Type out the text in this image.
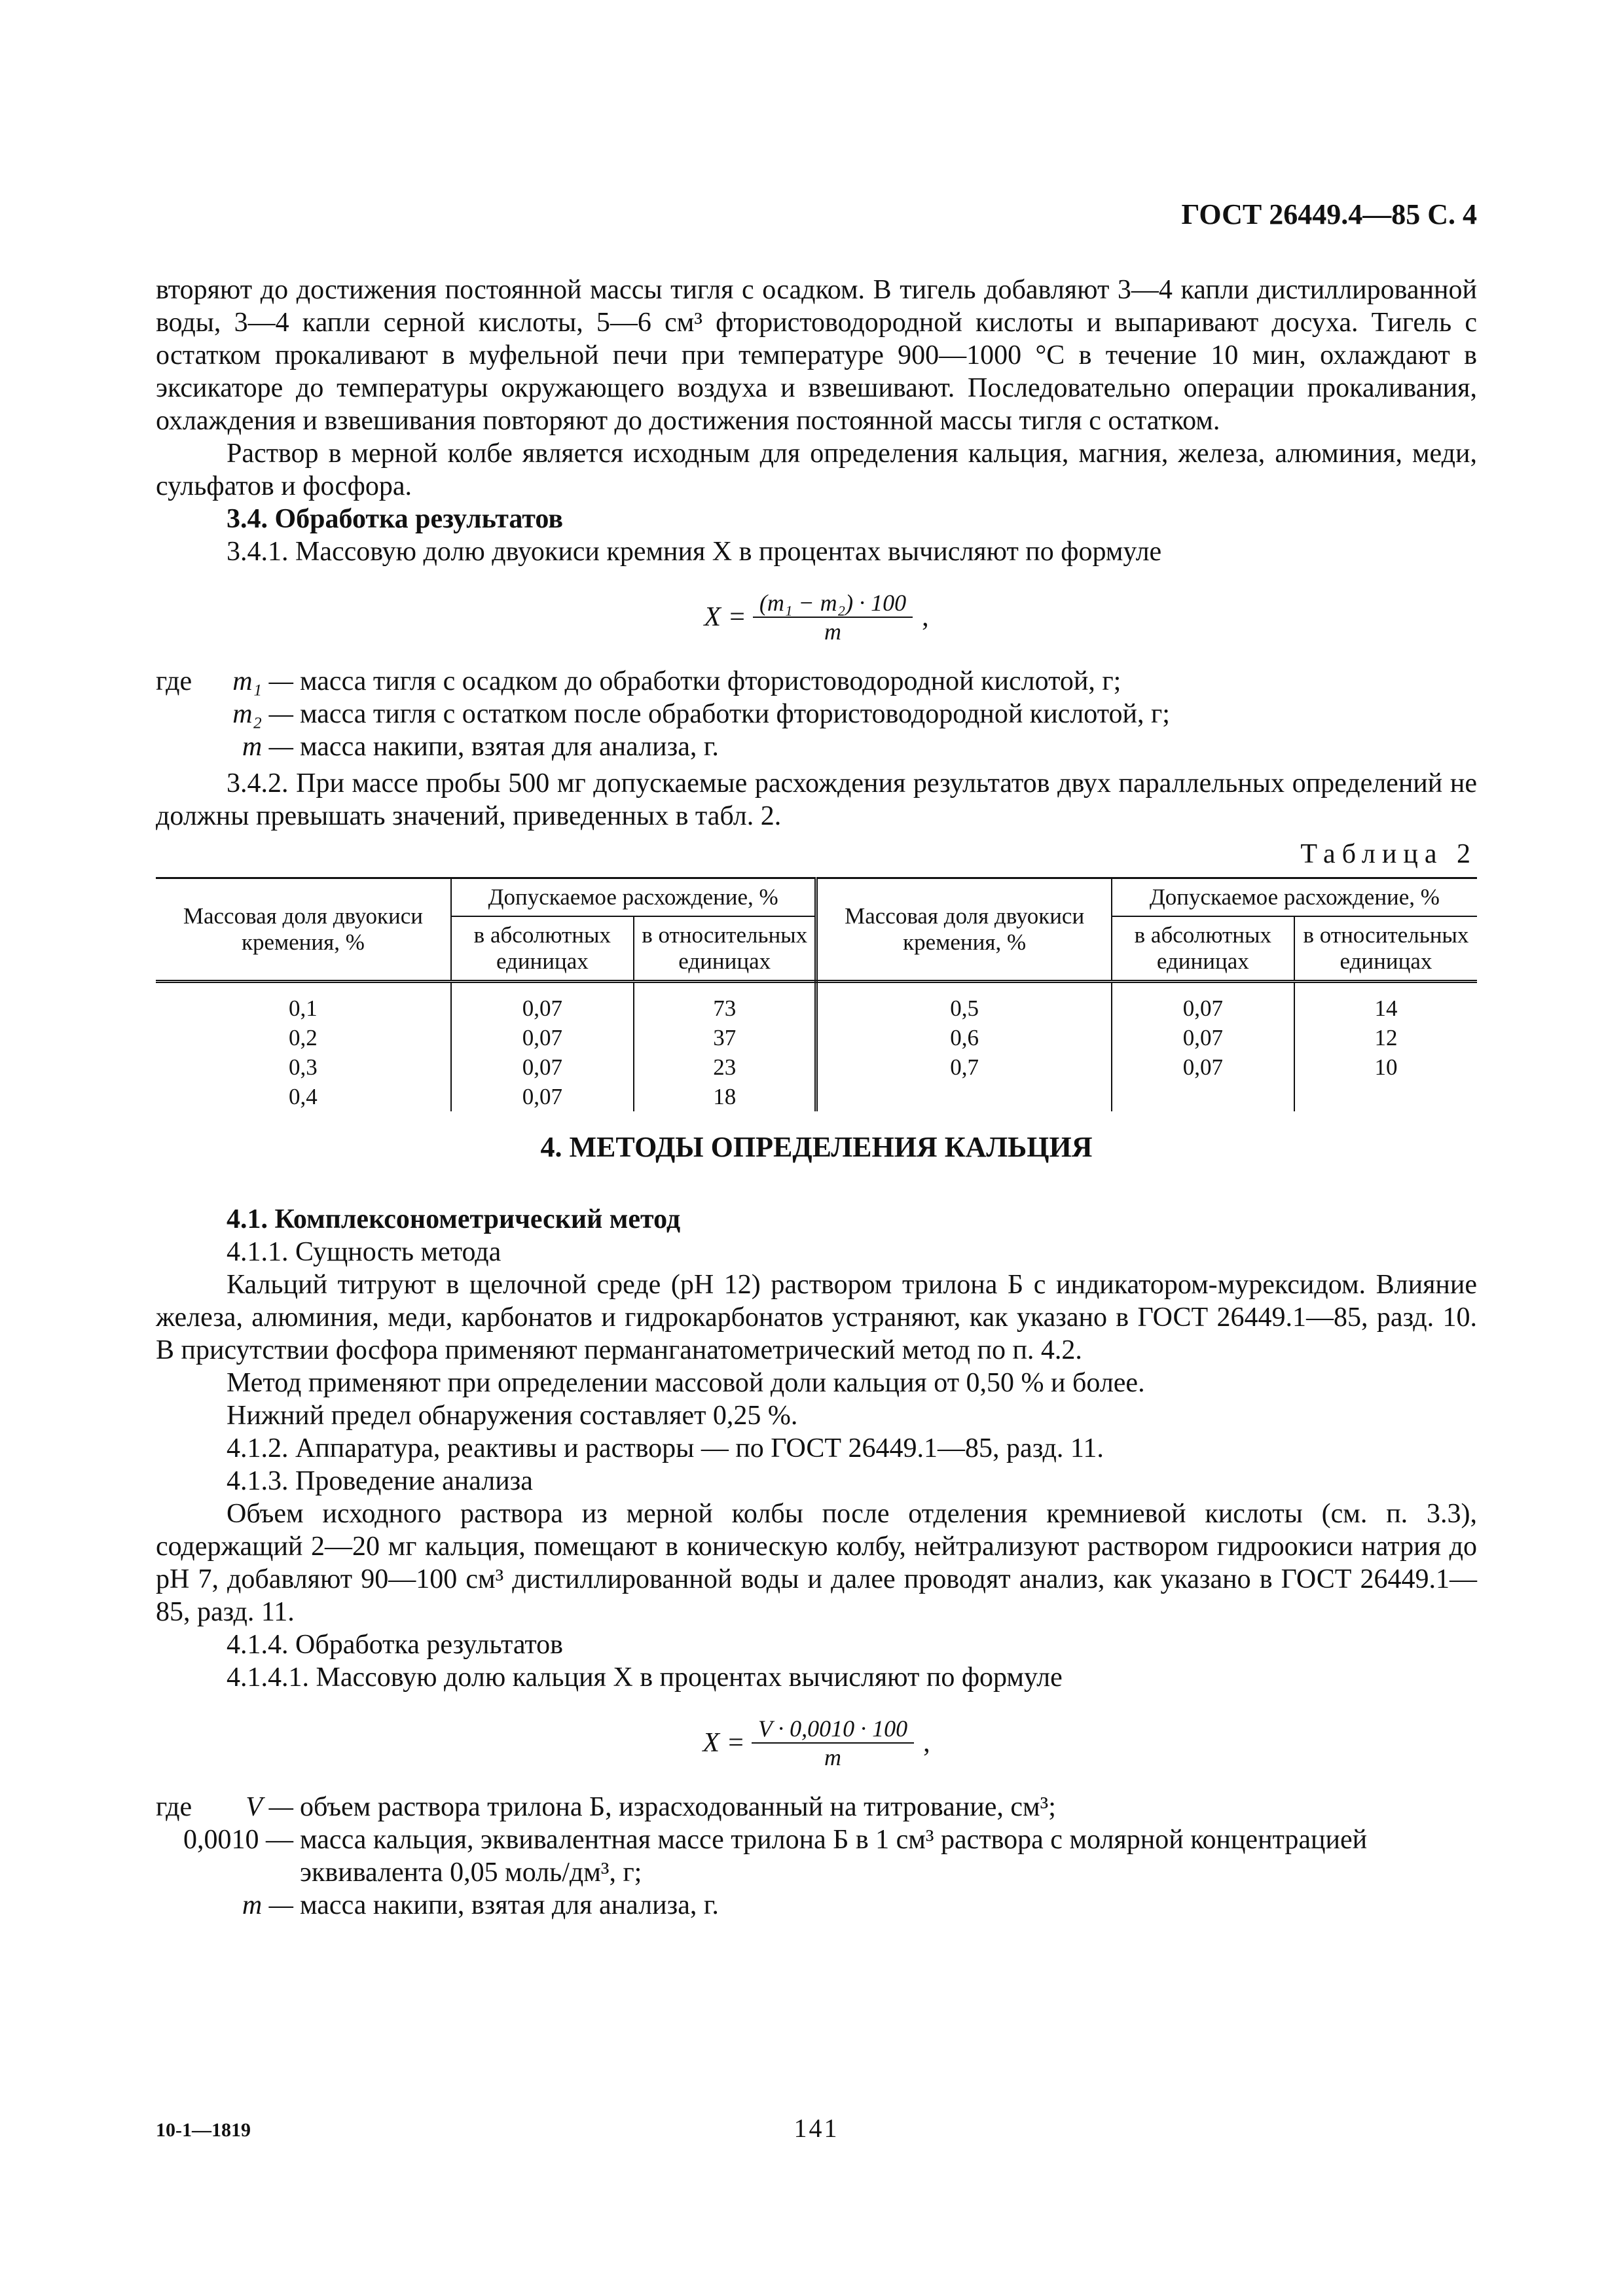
ГОСТ 26449.4—85 С. 4

вторяют до достижения постоянной массы тигля с осадком. В тигель добавляют 3—4 капли дистиллированной воды, 3—4 капли серной кислоты, 5—6 см³ фтористоводородной кислоты и выпаривают досуха. Тигель с остатком прокаливают в муфельной печи при температуре 900—1000 °С в течение 10 мин, охлаждают в эксикаторе до температуры окружающего воздуха и взвешивают. Последовательно операции прокаливания, охлаждения и взвешивания повторяют до достижения постоянной массы тигля с остатком.

Раствор в мерной колбе является исходным для определения кальция, магния, железа, алюминия, меди, сульфатов и фосфора.

3.4. Обработка результатов

3.4.1. Массовую долю двуокиси кремния X в процентах вычисляют по формуле

$X = \frac{\text{(m₁ − m₂) · 100}}{m}$ ,
где m₁ — масса тигля с осадком до обработки фтористоводородной кислотой, г;
m₂ — масса тигля с остатком после обработки фтористоводородной кислотой, г;
m — масса накипи, взятая для анализа, г.

3.4.2. При массе пробы 500 мг допускаемые расхождения результатов двух параллельных определений не должны превышать значений, приведенных в табл. 2.

Таблица 2
Массовая доля двуокиси кремения, %	Допускаемое расхождение, %		Массовая доля двуокиси кремения, %	Допускаемое расхождение, %	
	в абсолютных единицах	в относительных единицах		в абсолютных единицах	в относительных единицах
0,1	0,07	73	0,5	0,07	14
0,2	0,07	37	0,6	0,07	12
0,3	0,07	23	0,7	0,07	10
0,4	0,07	18			
4. МЕТОДЫ ОПРЕДЕЛЕНИЯ КАЛЬЦИЯ

4.1. Комплексонометрический метод

4.1.1. Сущность метода

Кальций титруют в щелочной среде (pH 12) раствором трилона Б с индикатором-мурексидом. Влияние железа, алюминия, меди, карбонатов и гидрокарбонатов устраняют, как указано в ГОСТ 26449.1—85, разд. 10. В присутствии фосфора применяют перманганатометрический метод по п. 4.2.

Метод применяют при определении массовой доли кальция от 0,50 % и более.

Нижний предел обнаружения составляет 0,25 %.

4.1.2. Аппаратура, реактивы и растворы — по ГОСТ 26449.1—85, разд. 11.

4.1.3. Проведение анализа

Объем исходного раствора из мерной колбы после отделения кремниевой кислоты (см. п. 3.3), содержащий 2—20 мг кальция, помещают в коническую колбу, нейтрализуют раствором гидроокиси натрия до pH 7, добавляют 90—100 см³ дистиллированной воды и далее проводят анализ, как указано в ГОСТ 26449.1—85, разд. 11.

4.1.4. Обработка результатов

4.1.4.1. Массовую долю кальция X в процентах вычисляют по формуле

$X = \frac{V \cdot 0,0010 \cdot 100}{m}$ ,
где V — объем раствора трилона Б, израсходованный на титрование, см³;
0,0010 — масса кальция, эквивалентная массе трилона Б в 1 см³ раствора с молярной концентрацией эквивалента 0,05 моль/дм³, г;
m — масса накипи, взятая для анализа, г.
10-1—1819	141
